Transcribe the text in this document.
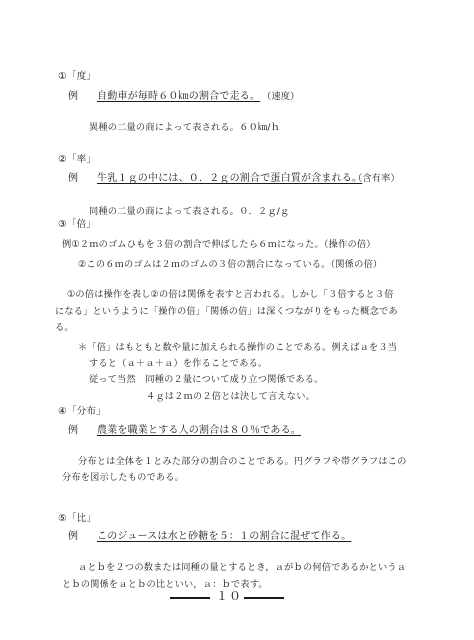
①「度」
例 自動車が毎時６０㎞の割合で走る。 （速度）
異種の二量の商によって表される。６０㎞/ｈ
②「率」
例 牛乳１ｇの中には、０．２ｇの割合で蛋白質が含まれる。
（含有率）
同種の二量の商によって表される。０．２ｇ/ｇ
③「倍」
例①２ｍのゴムひもを３倍の割合で伸ばしたら６ｍになった。（操作の倍）
②この６ｍのゴムは２ｍのゴムの３倍の割合になっている。（関係の倍）
①の倍は操作を表し②の倍は関係を表すと言われる。しかし「３倍すると３倍
になる」というように「操作の倍」「関係の倍」は深くつながりをもった概念であ
る。
＊「倍」はもともと数や量に加えられる操作のことである。例えばａを３当
すると（ａ＋ａ＋ａ）を作ることである。
従って当然　同種の２量について成り立つ関係である。
４ｇは２ｍの２倍とは決して言えない。
④「分布」
例 農業を職業とする人の割合は８０％である。
分布とは全体を１とみた部分の割合のことである。円グラフや帯グラフはこの
分布を図示したものである。
⑤「比」
例 このジュースは水と砂糖を５：１の割合に混ぜて作る。
ａとｂを２つの数または同種の量とするとき，ａがｂの何倍であるかというａ
とｂの関係をａとｂの比といい，ａ：ｂで表す。
１０
